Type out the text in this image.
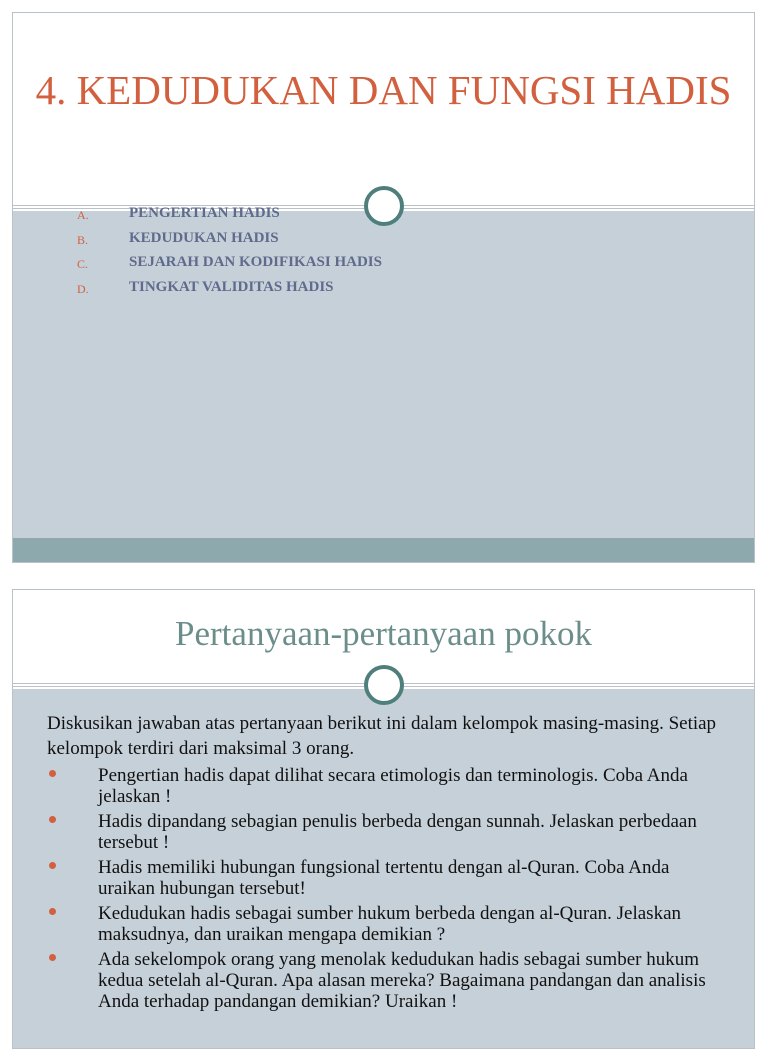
4. KEDUDUKAN DAN FUNGSI HADIS
A.	PENGERTIAN HADIS
B.	KEDUDUKAN HADIS
C.	SEJARAH DAN KODIFIKASI HADIS
D.	TINGKAT VALIDITAS HADIS
Pertanyaan-pertanyaan pokok

Diskusikan jawaban atas pertanyaan berikut ini dalam kelompok masing-masing. Setiap kelompok terdiri dari maksimal 3 orang.

Pengertian hadis dapat dilihat secara etimologis dan terminologis. Coba Anda jelaskan !
Hadis dipandang sebagian penulis berbeda dengan sunnah. Jelaskan perbedaan tersebut !
Hadis memiliki hubungan fungsional tertentu dengan al-Quran. Coba Anda uraikan hubungan tersebut!
Kedudukan hadis sebagai sumber hukum berbeda dengan al-Quran. Jelaskan maksudnya, dan uraikan mengapa demikian ?
Ada sekelompok orang yang menolak kedudukan hadis sebagai sumber hukum kedua setelah al-Quran. Apa alasan mereka? Bagaimana pandangan dan analisis Anda terhadap pandangan demikian? Uraikan !
